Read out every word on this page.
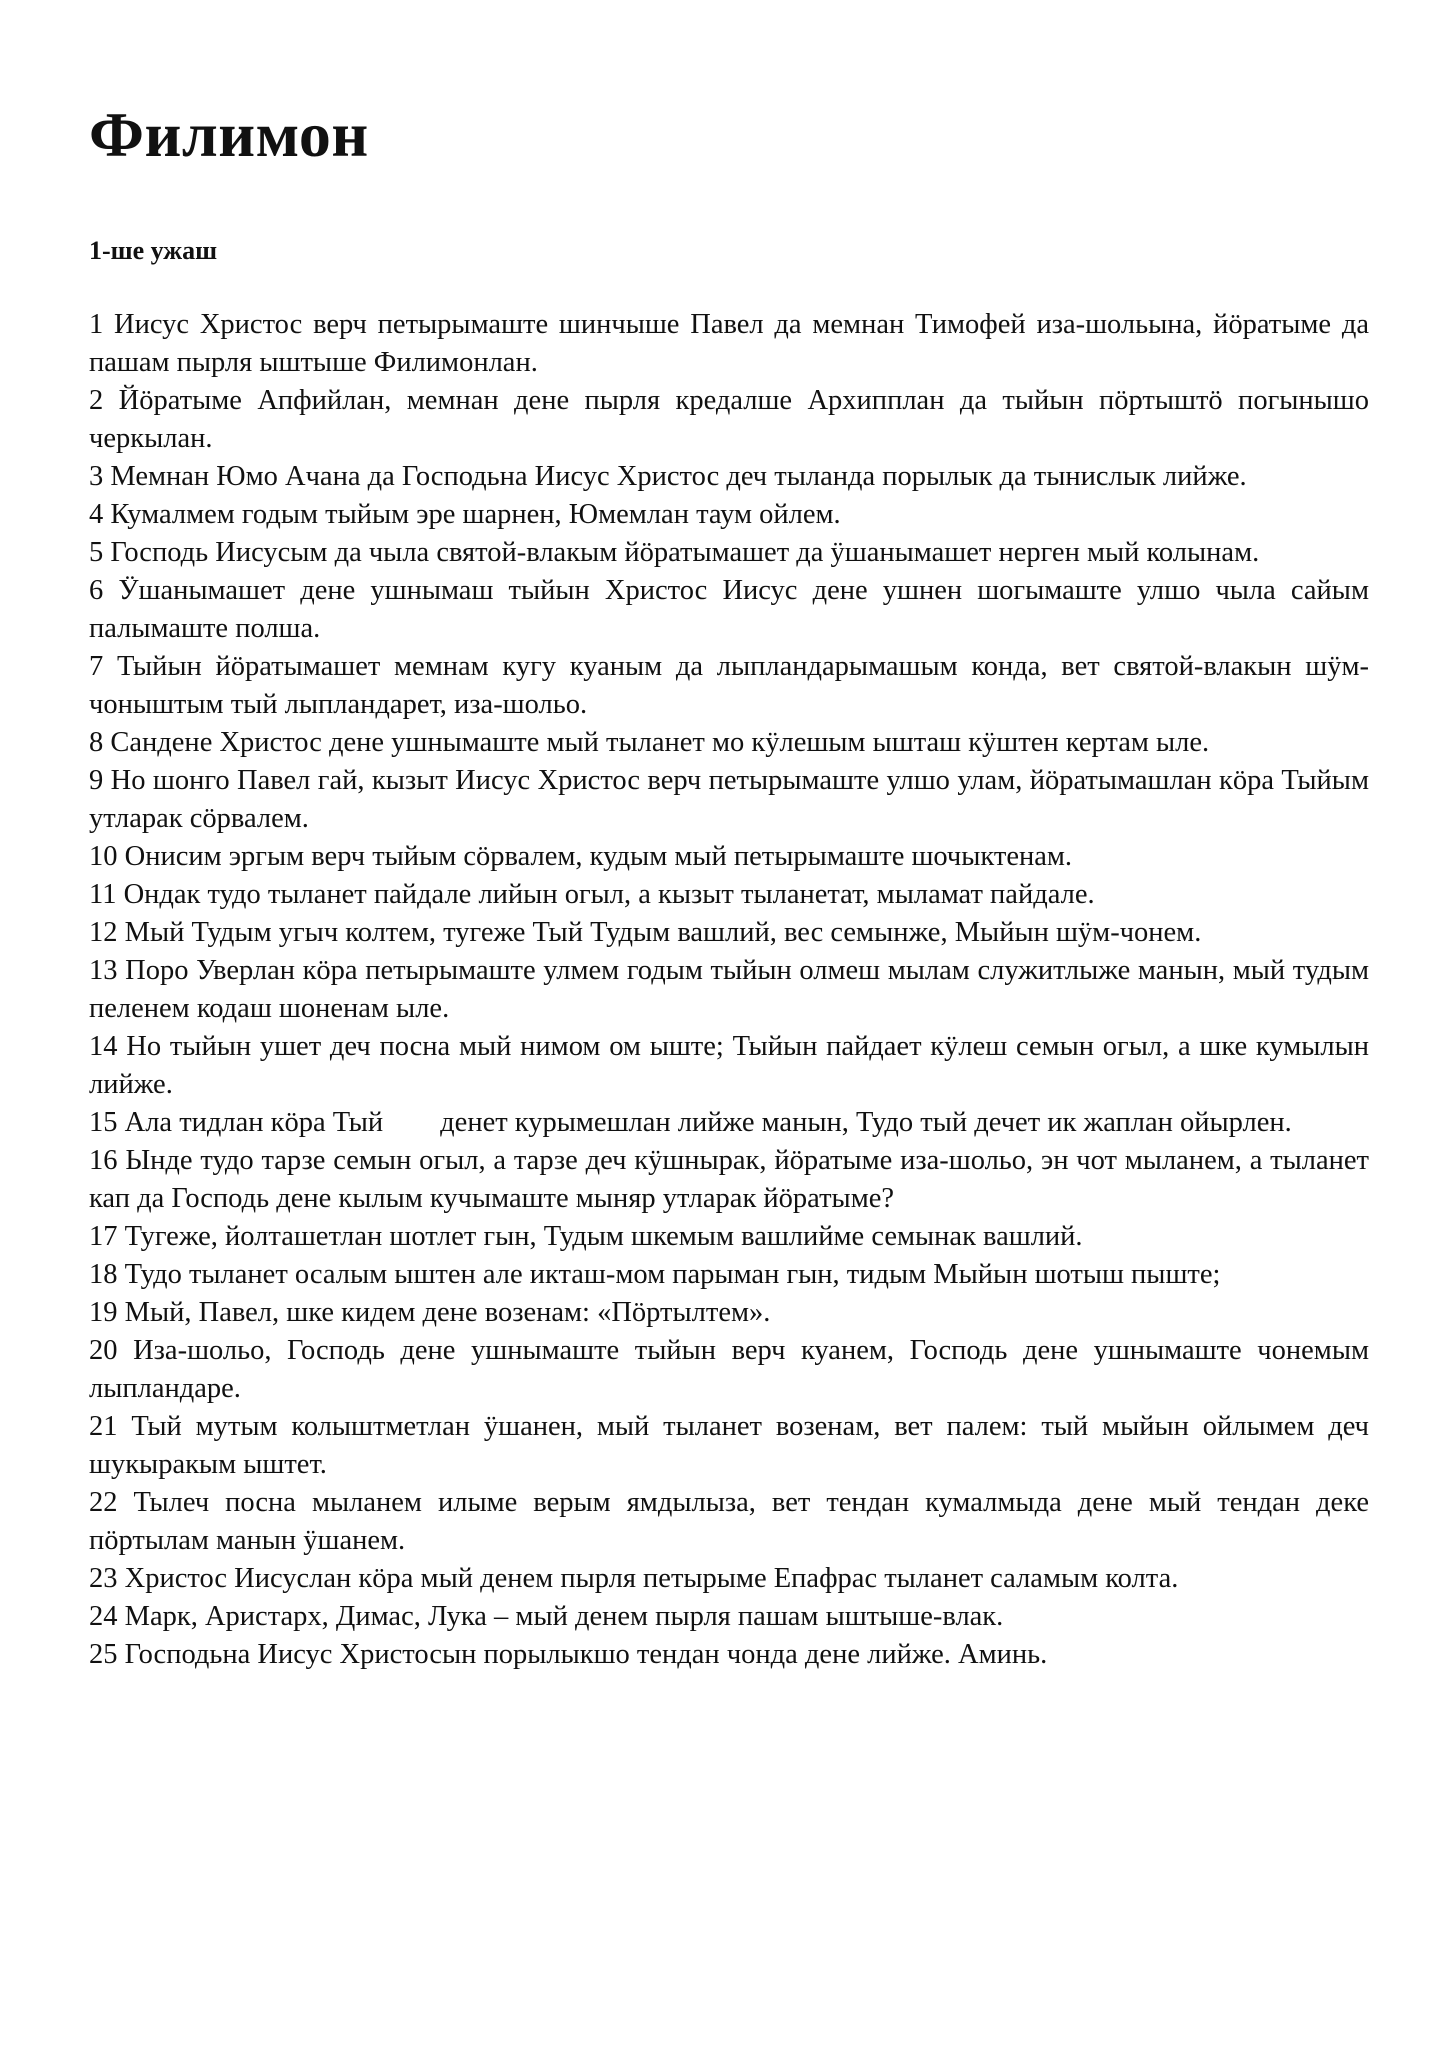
Филимон
1-ше ужаш

1 Иисус Христос верч петырымаште шинчыше Павел да мемнан Тимофей иза-шольына, йӧратыме да пашам пырля ыштыше Филимонлан.

2 Йӧратыме Апфийлан, мемнан дене пырля кредалше Архипплан да тыйын пӧртыштӧ погынышо черкылан.

3 Мемнан Юмо Ачана да Господьна Иисус Христос деч тыланда порылык да тынислык лийже.

4 Кумалмем годым тыйым эре шарнен, Юмемлан таум ойлем.

5 Господь Иисусым да чыла святой-влакым йӧратымашет да ӱшанымашет нерген мый колынам.

6 Ӱшанымашет дене ушнымаш тыйын Христос Иисус дене ушнен шогымаште улшо чыла сайым палымаште полша.

7 Тыйын йӧратымашет мемнам кугу куаным да лыпландарымашым конда, вет святой-влакын шӱм-чоныштым тый лыпландарет, иза-шольо.

8 Сандене Христос дене ушнымаште мый тыланет мо кӱлешым ышташ кӱштен кертам ыле.

9 Но шонго Павел гай, кызыт Иисус Христос верч петырымаште улшо улам, йӧратымашлан кӧра Тыйым утларак сӧрвалем.

10 Онисим эргым верч тыйым сӧрвалем, кудым мый петырымаште шочыктенам.

11 Ондак тудо тыланет пайдале лийын огыл, а кызыт тыланетат, мыламат пайдале.

12 Мый Тудым угыч колтем, тугеже Тый Тудым вашлий, вес семынже, Мыйын шӱм-чонем.

13 Поро Уверлан кӧра петырымаште улмем годым тыйын олмеш мылам служитлыже манын, мый тудым пеленем кодаш шоненам ыле.

14 Но тыйын ушет деч посна мый нимом ом ыште; Тыйын пайдает кӱлеш семын огыл, а шке кумылын лийже.

15 Ала тидлан кӧра Тый        денет курымешлан лийже манын, Тудо тый дечет ик жаплан ойырлен.

16 Ынде тудо тарзе семын огыл, а тарзе деч кӱшнырак, йӧратыме иза-шольо, эн чот мыланем, а тыланет кап да Господь дене кылым кучымаште мыняр утларак йӧратыме?

17 Тугеже, йолташетлан шотлет гын, Тудым шкемым вашлийме семынак вашлий.

18 Тудо тыланет осалым ыштен але икташ-мом парыман гын, тидым Мыйын шотыш пыште;

19 Мый, Павел, шке кидем дене возенам: «Пӧртылтем».

20 Иза-шольо, Господь дене ушнымаште тыйын верч куанем, Господь дене ушнымаште чонемым лыпландаре.

21 Тый мутым колыштметлан ӱшанен, мый тыланет возенам, вет палем: тый мыйын ойлымем деч шукыракым ыштет.

22 Тылеч посна мыланем илыме верым ямдылыза, вет тендан кумалмыда дене мый тендан деке пӧртылам манын ӱшанем.

23 Христос Иисуслан кӧра мый денем пырля петырыме Епафрас тыланет саламым колта.

24 Марк, Аристарх, Димас, Лука – мый денем пырля пашам ыштыше-влак.

25 Господьна Иисус Христосын порылыкшо тендан чонда дене лийже. Аминь.
